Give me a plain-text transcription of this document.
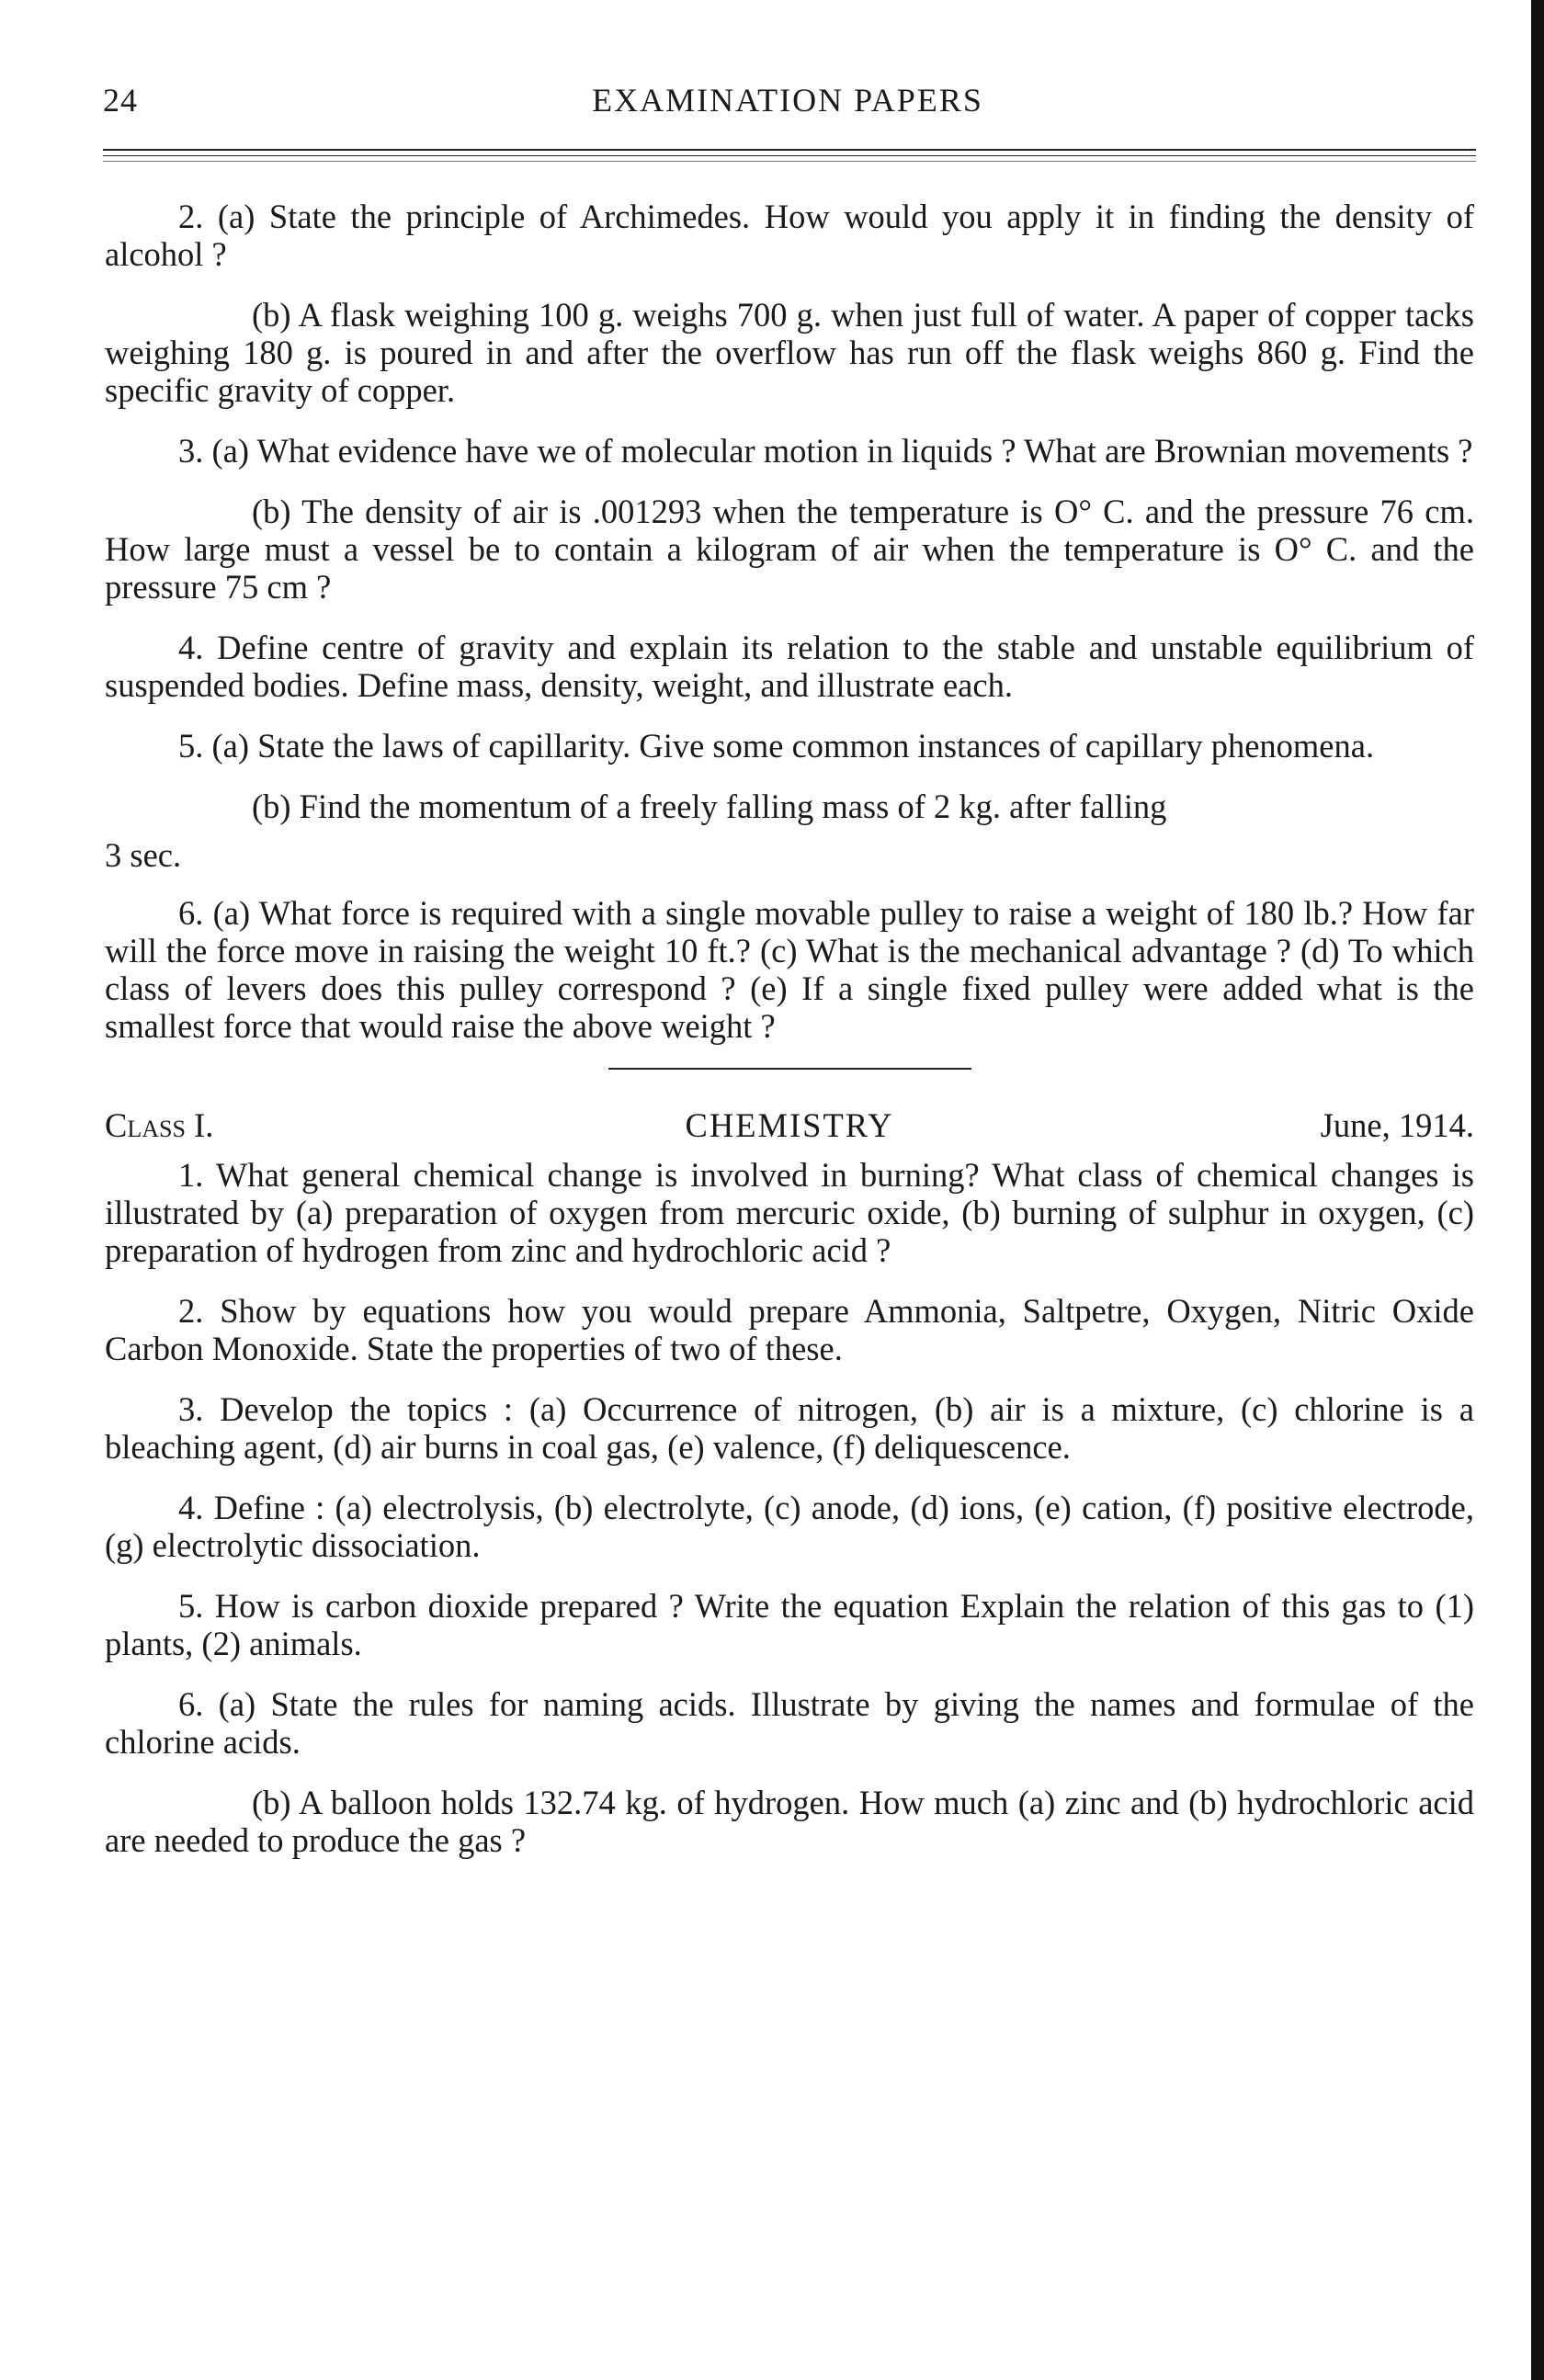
24	EXAMINATION PAPERS

2. (a) State the principle of Archimedes. How would you apply it in finding the density of alcohol ?

(b) A flask weighing 100 g. weighs 700 g. when just full of water. A paper of copper tacks weighing 180 g. is poured in and after the overflow has run off the flask weighs 860 g. Find the specific gravity of copper.

3. (a) What evidence have we of molecular motion in liquids ? What are Brownian movements ?

(b) The density of air is .001293 when the temperature is O° C. and the pressure 76 cm. How large must a vessel be to contain a kilogram of air when the temperature is O° C. and the pressure 75 cm ?

4. Define centre of gravity and explain its relation to the stable and unstable equilibrium of suspended bodies. Define mass, density, weight, and illustrate each.

5. (a) State the laws of capillarity. Give some common instances of capillary phenomena.

(b) Find the momentum of a freely falling mass of 2 kg. after falling

3 sec.

6. (a) What force is required with a single movable pulley to raise a weight of 180 lb.? How far will the force move in raising the weight 10 ft.? (c) What is the mechanical advantage ? (d) To which class of levers does this pulley correspond ? (e) If a single fixed pulley were added what is the smallest force that would raise the above weight ?

Class I.	CHEMISTRY	June, 1914.

1. What general chemical change is involved in burning? What class of chemical changes is illustrated by (a) preparation of oxygen from mercuric oxide, (b) burning of sulphur in oxygen, (c) preparation of hydrogen from zinc and hydrochloric acid ?

2. Show by equations how you would prepare Ammonia, Saltpetre, Oxygen, Nitric Oxide Carbon Monoxide. State the properties of two of these.

3. Develop the topics : (a) Occurrence of nitrogen, (b) air is a mixture, (c) chlorine is a bleaching agent, (d) air burns in coal gas, (e) valence, (f) deliquescence.

4. Define : (a) electrolysis, (b) electrolyte, (c) anode, (d) ions, (e) cation, (f) positive electrode, (g) electrolytic dissociation.

5. How is carbon dioxide prepared ? Write the equation Explain the relation of this gas to (1) plants, (2) animals.

6. (a) State the rules for naming acids. Illustrate by giving the names and formulae of the chlorine acids.

(b) A balloon holds 132.74 kg. of hydrogen. How much (a) zinc and (b) hydrochloric acid are needed to produce the gas ?
